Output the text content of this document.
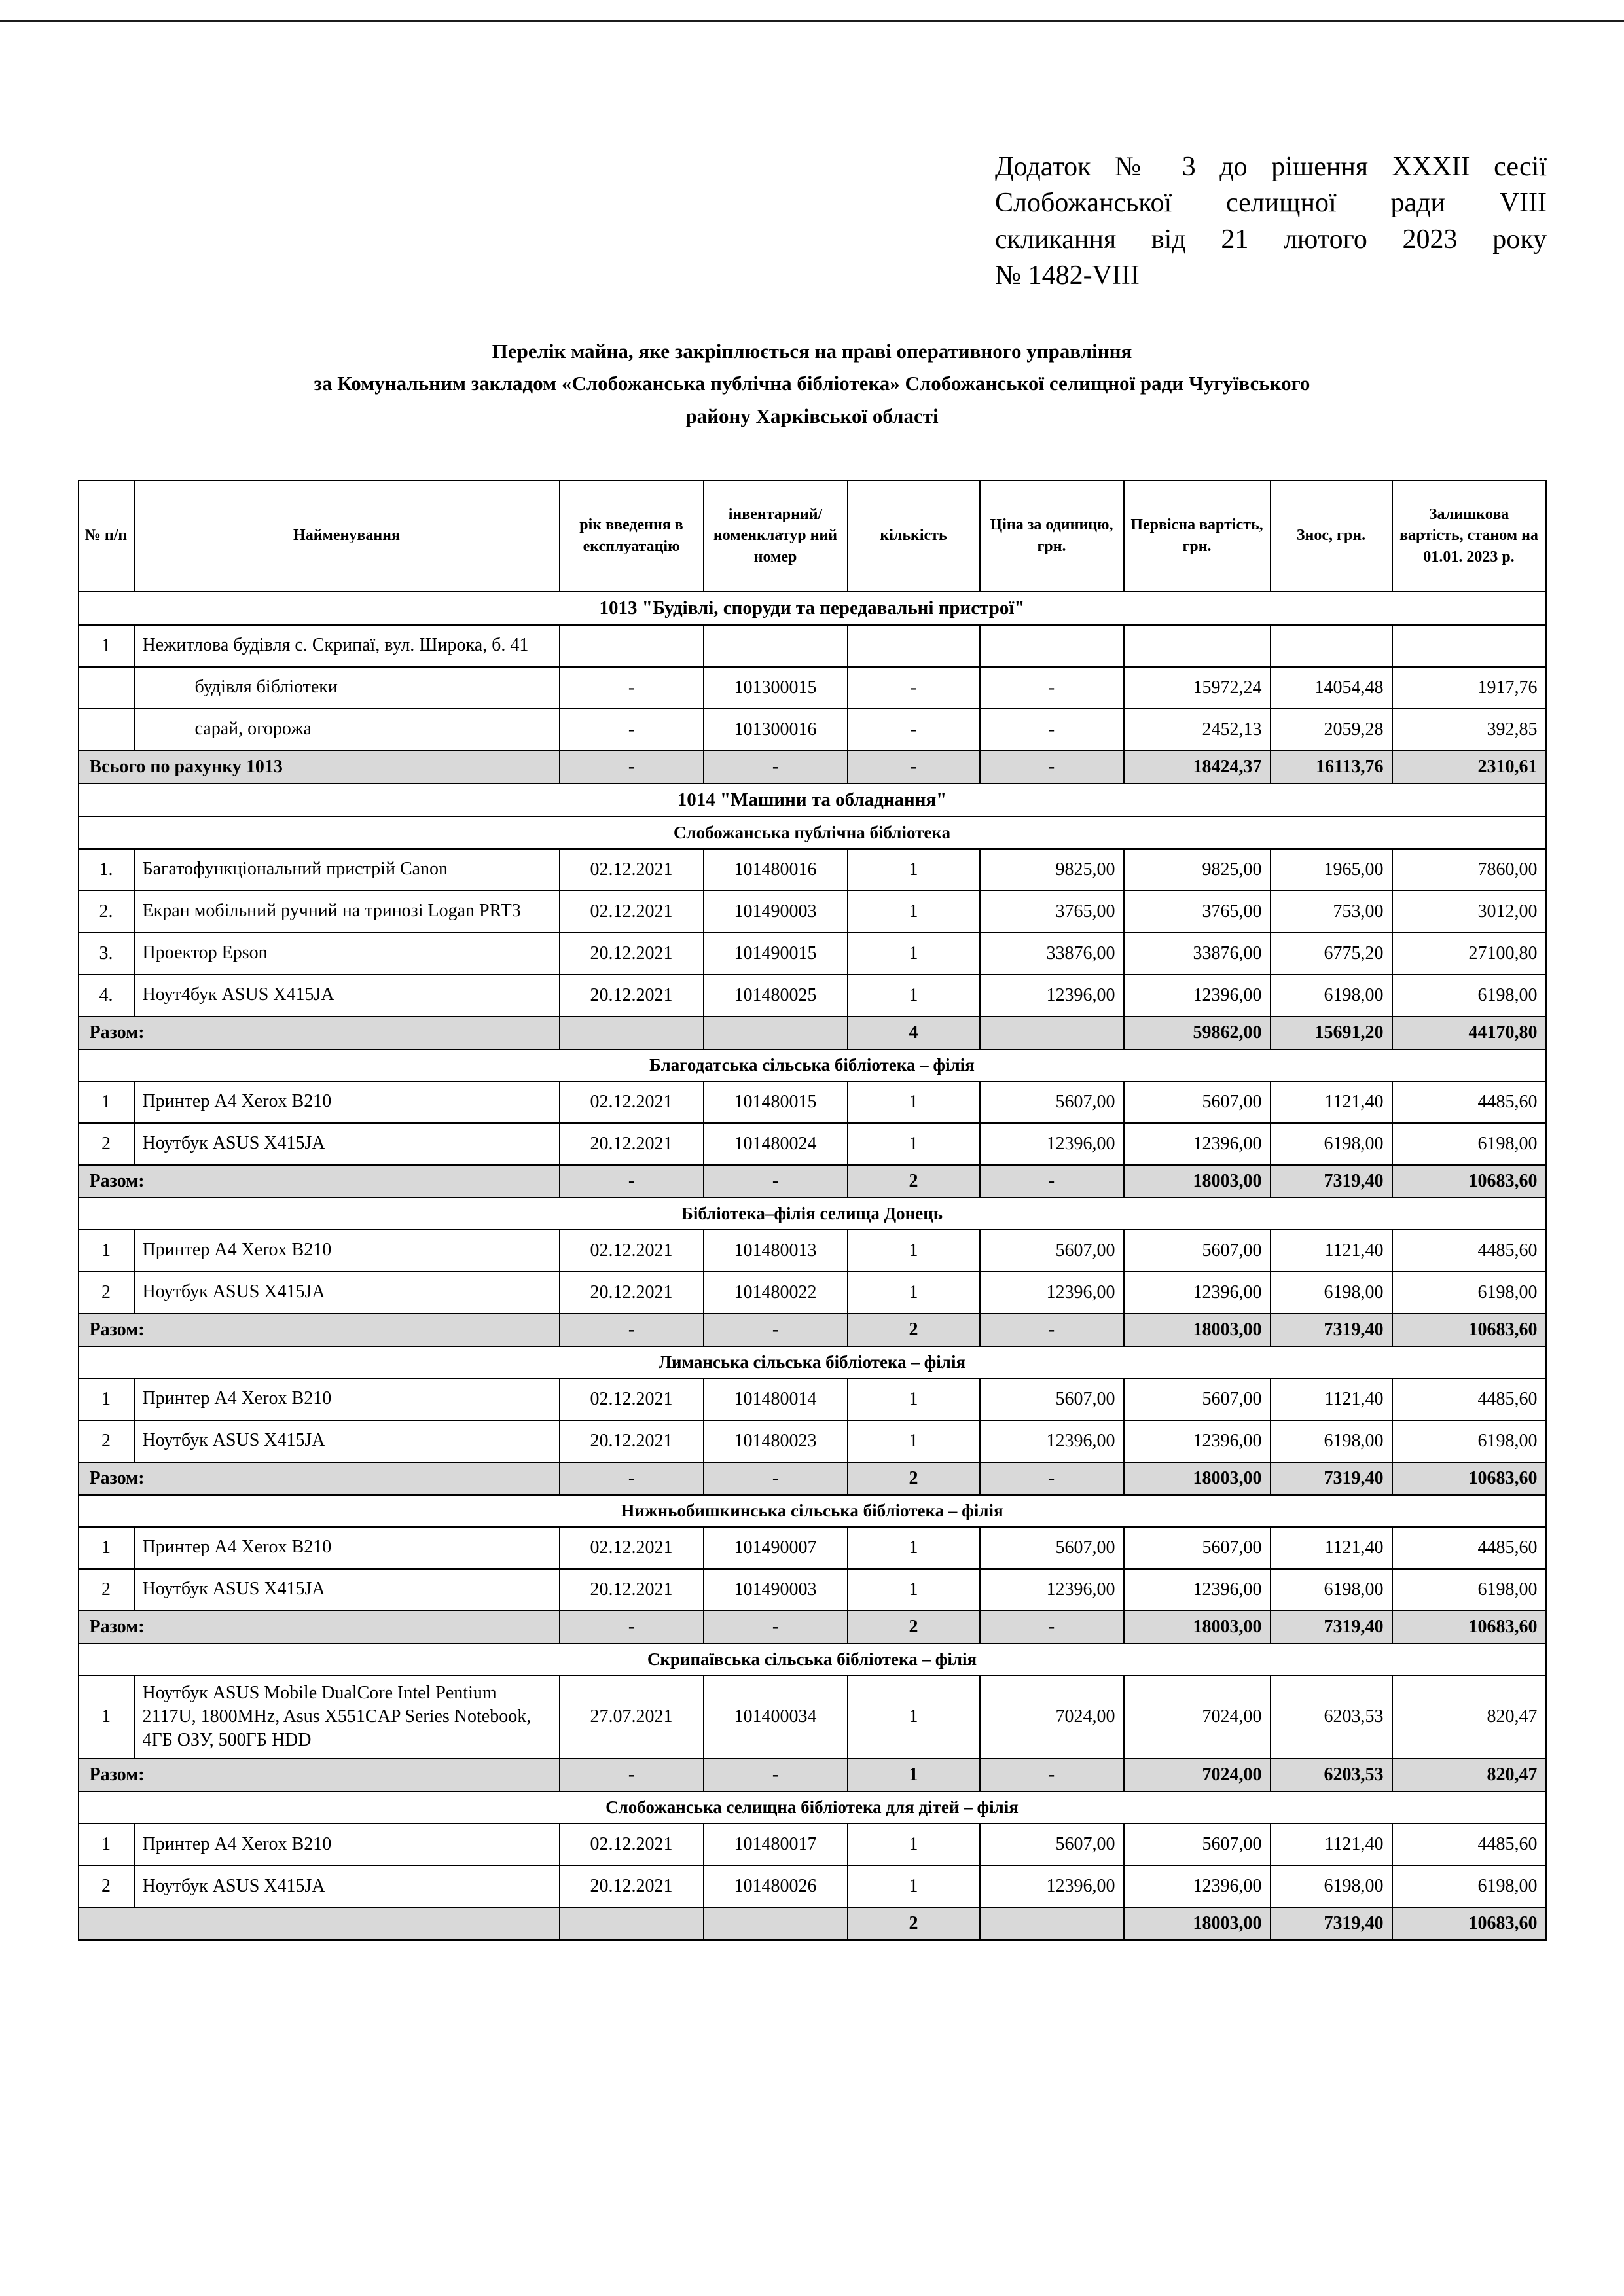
Додаток № 3 до рішення XXXII сесії
Слобожанської селищної ради VIII
скликання від 21 лютого 2023 року
№ 1482-VIII
Перелік майна, яке закріплюється на праві оперативного управління
за Комунальним закладом «Слобожанська публічна бібліотека» Слобожанської селищної ради Чугуївського
району Харківської області
№ п/п	Найменування	рік введення в експлуатацію	інвентарний/ номенклатур ний номер	кількість	Ціна за одиницю, грн.	Первісна вартість, грн.	Знос, грн.	Залишкова вартість, станом на 01.01. 2023 р.
1013 "Будівлі, споруди та передавальні пристрої"								
1	Нежитлова будівля с. Скрипаї, вул. Широка, б. 41							
	будівля бібліотеки	-	101300015	-	-	15972,24	14054,48	1917,76
	сарай, огорожа	-	101300016	-	-	2452,13	2059,28	392,85
Всього по рахунку 1013		-	-	-	-	18424,37	16113,76	2310,61
1014 "Машини та обладнання"								
Слобожанська публічна бібліотека								
1.	Багатофункціональний пристрій Canon	02.12.2021	101480016	1	9825,00	9825,00	1965,00	7860,00
2.	Екран мобільний ручний на тринозі Logan PRT3	02.12.2021	101490003	1	3765,00	3765,00	753,00	3012,00
3.	Проектор Epson	20.12.2021	101490015	1	33876,00	33876,00	6775,20	27100,80
4.	Ноут4бук ASUS X415JA	20.12.2021	101480025	1	12396,00	12396,00	6198,00	6198,00
Разом:				4		59862,00	15691,20	44170,80
Благодатська сільська бібліотека – філія								
1	Принтер А4 Xerox B210	02.12.2021	101480015	1	5607,00	5607,00	1121,40	4485,60
2	Ноутбук ASUS X415JA	20.12.2021	101480024	1	12396,00	12396,00	6198,00	6198,00
Разом:		-	-	2	-	18003,00	7319,40	10683,60
Бібліотека–філія селища Донець								
1	Принтер А4 Xerox B210	02.12.2021	101480013	1	5607,00	5607,00	1121,40	4485,60
2	Ноутбук ASUS X415JA	20.12.2021	101480022	1	12396,00	12396,00	6198,00	6198,00
Разом:		-	-	2	-	18003,00	7319,40	10683,60
Лиманська сільська бібліотека – філія								
1	Принтер А4 Xerox B210	02.12.2021	101480014	1	5607,00	5607,00	1121,40	4485,60
2	Ноутбук ASUS X415JA	20.12.2021	101480023	1	12396,00	12396,00	6198,00	6198,00
Разом:		-	-	2	-	18003,00	7319,40	10683,60
Нижньобишкинська сільська бібліотека – філія								
1	Принтер А4 Xerox B210	02.12.2021	101490007	1	5607,00	5607,00	1121,40	4485,60
2	Ноутбук ASUS X415JA	20.12.2021	101490003	1	12396,00	12396,00	6198,00	6198,00
Разом:		-	-	2	-	18003,00	7319,40	10683,60
Скрипаївська сільська бібліотека – філія								
1	Ноутбук ASUS Mobile DualCore Intel Pentium 2117U, 1800MHz, Asus X551CAP Series Notebook, 4ГБ ОЗУ, 500ГБ HDD	27.07.2021	101400034	1	7024,00	7024,00	6203,53	820,47
Разом:		-	-	1	-	7024,00	6203,53	820,47
Слобожанська селищна бібліотека для дітей – філія								
1	Принтер А4 Xerox B210	02.12.2021	101480017	1	5607,00	5607,00	1121,40	4485,60
2	Ноутбук ASUS X415JA	20.12.2021	101480026	1	12396,00	12396,00	6198,00	6198,00
				2		18003,00	7319,40	10683,60
